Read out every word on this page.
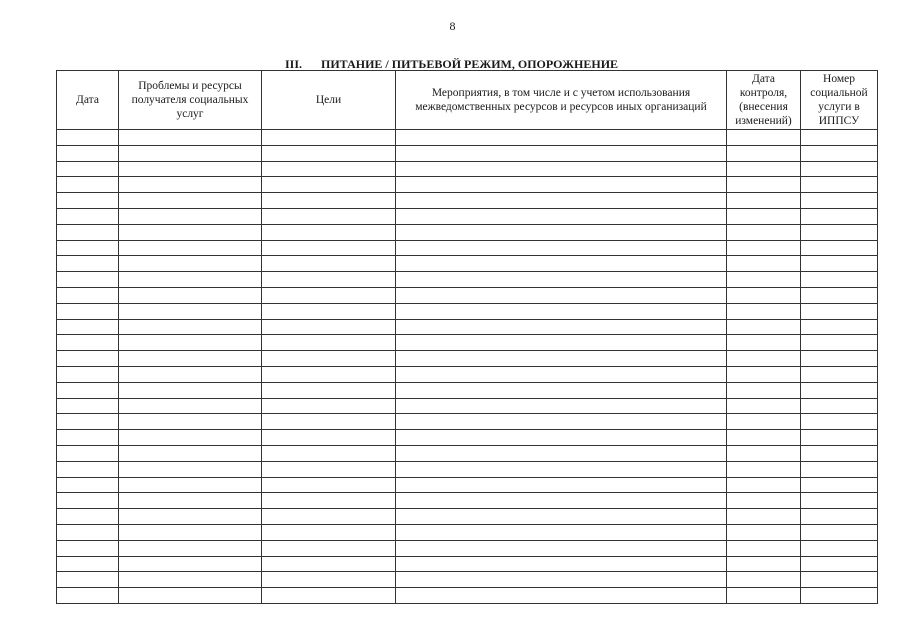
8
III. ПИТАНИЕ / ПИТЬЕВОЙ РЕЖИМ, ОПОРОЖНЕНИЕ
Дата	Проблемы и ресурсы получателя социальных услуг	Цели	Мероприятия, в том числе и с учетом использования межведомственных ресурсов и ресурсов иных организаций	Дата контроля, (внесения изменений)	Номер социальной услуги в ИППСУ
